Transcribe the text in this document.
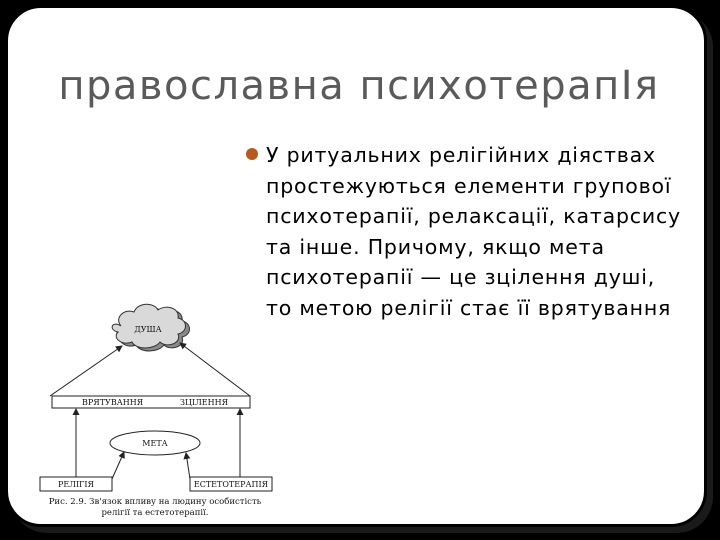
православна психотерапІя

У ритуальних релігійних діяствах простежуються елементи групової психотерапії, релаксації, катарсису та інше. Причому, якщо мета психотерапії — це зцілення душі, то метою релігії стає її врятування

ДУША
ВРЯТУВАННЯ	ЗЦІЛЕННЯ
МЕТА
РЕЛІГІЯ	ЕСТЕТОТЕРАПІЯ
Рис. 2.9. Зв'язок впливу на людину особистість
релігії та естетотерапії.
